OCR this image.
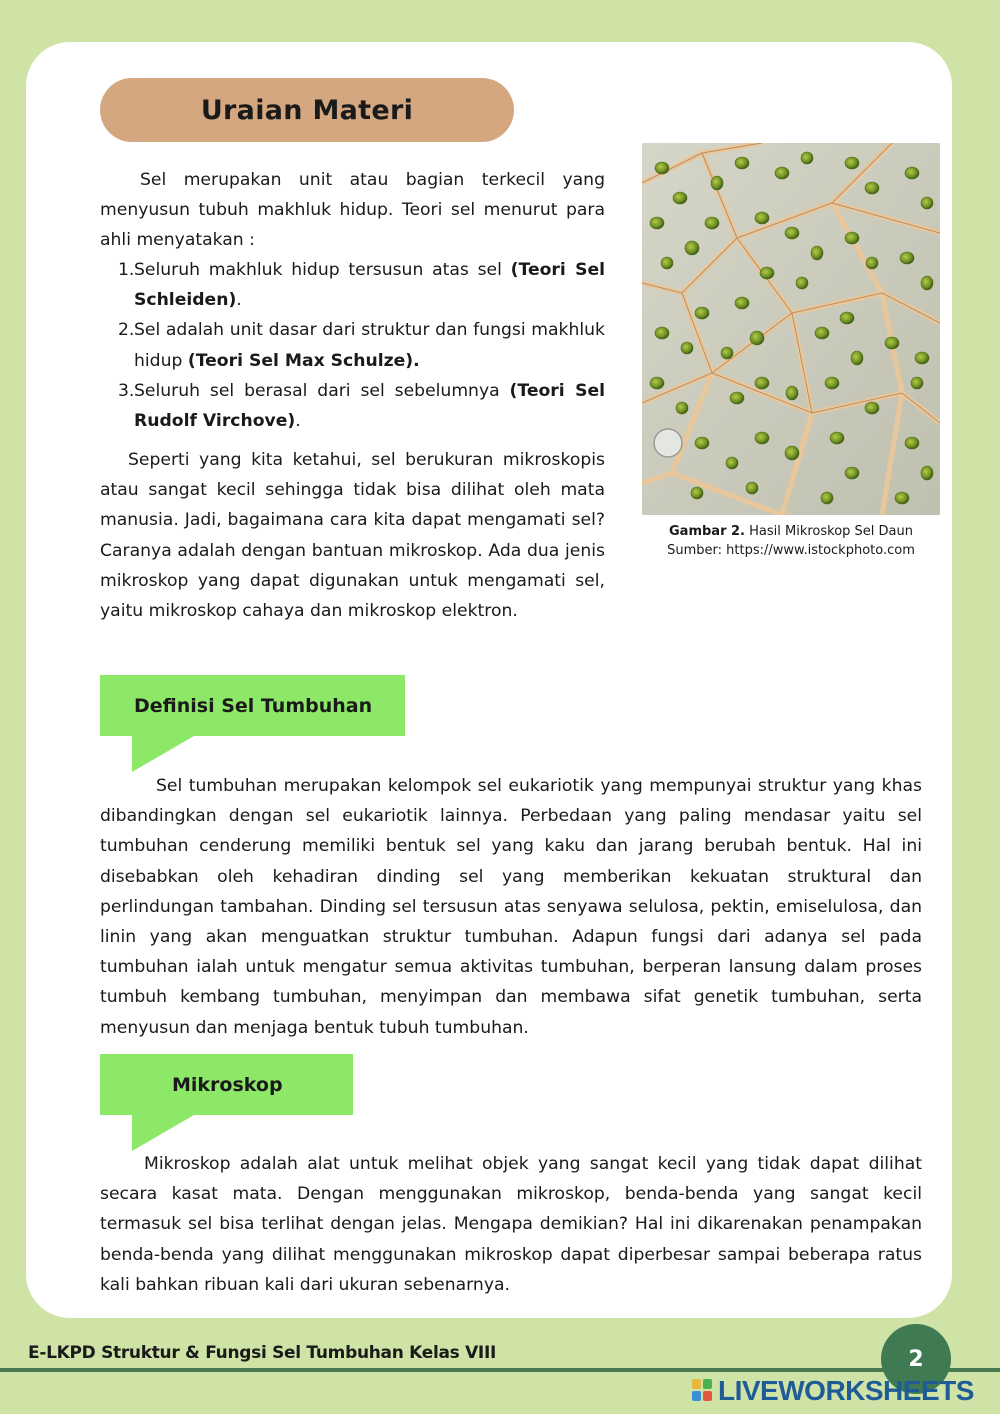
Uraian Materi
Sel merupakan unit atau bagian terkecil yang menyusun tubuh makhluk hidup. Teori sel menurut para ahli menyatakan :
1. Seluruh makhluk hidup tersusun atas sel (Teori Sel Schleiden).
2. Sel adalah unit dasar dari struktur dan fungsi makhluk hidup (Teori Sel Max Schulze).
3. Seluruh sel berasal dari sel sebelumnya (Teori Sel Rudolf Virchove).
Seperti yang kita ketahui, sel berukuran mikroskopis atau sangat kecil sehingga tidak bisa dilihat oleh mata manusia. Jadi, bagaimana cara kita dapat mengamati sel? Caranya adalah dengan bantuan mikroskop. Ada dua jenis mikroskop yang dapat digunakan untuk mengamati sel, yaitu mikroskop cahaya dan mikroskop elektron.
Gambar 2. Hasil Mikroskop Sel Daun
Sumber: https://www.istockphoto.com
Definisi Sel Tumbuhan
Sel tumbuhan merupakan kelompok sel eukariotik yang mempunyai struktur yang khas dibandingkan dengan sel eukariotik lainnya. Perbedaan yang paling mendasar yaitu sel tumbuhan cenderung memiliki bentuk sel yang kaku dan jarang berubah bentuk. Hal ini disebabkan oleh kehadiran dinding sel yang memberikan kekuatan struktural dan perlindungan tambahan. Dinding sel tersusun atas senyawa selulosa, pektin, emiselulosa, dan linin yang akan menguatkan struktur tumbuhan. Adapun fungsi dari adanya sel pada tumbuhan ialah untuk mengatur semua aktivitas tumbuhan, berperan lansung dalam proses tumbuh kembang tumbuhan, menyimpan dan membawa sifat genetik tumbuhan, serta menyusun dan menjaga bentuk tubuh tumbuhan.
Mikroskop
Mikroskop adalah alat untuk melihat objek yang sangat kecil yang tidak dapat dilihat secara kasat mata. Dengan menggunakan mikroskop, benda-benda yang sangat kecil termasuk sel bisa terlihat dengan jelas. Mengapa demikian? Hal ini dikarenakan penampakan benda-benda yang dilihat menggunakan mikroskop dapat diperbesar sampai beberapa ratus kali bahkan ribuan kali dari ukuran sebenarnya.
E-LKPD Struktur & Fungsi Sel Tumbuhan Kelas VIII	2
LIVEWORKSHEETS
